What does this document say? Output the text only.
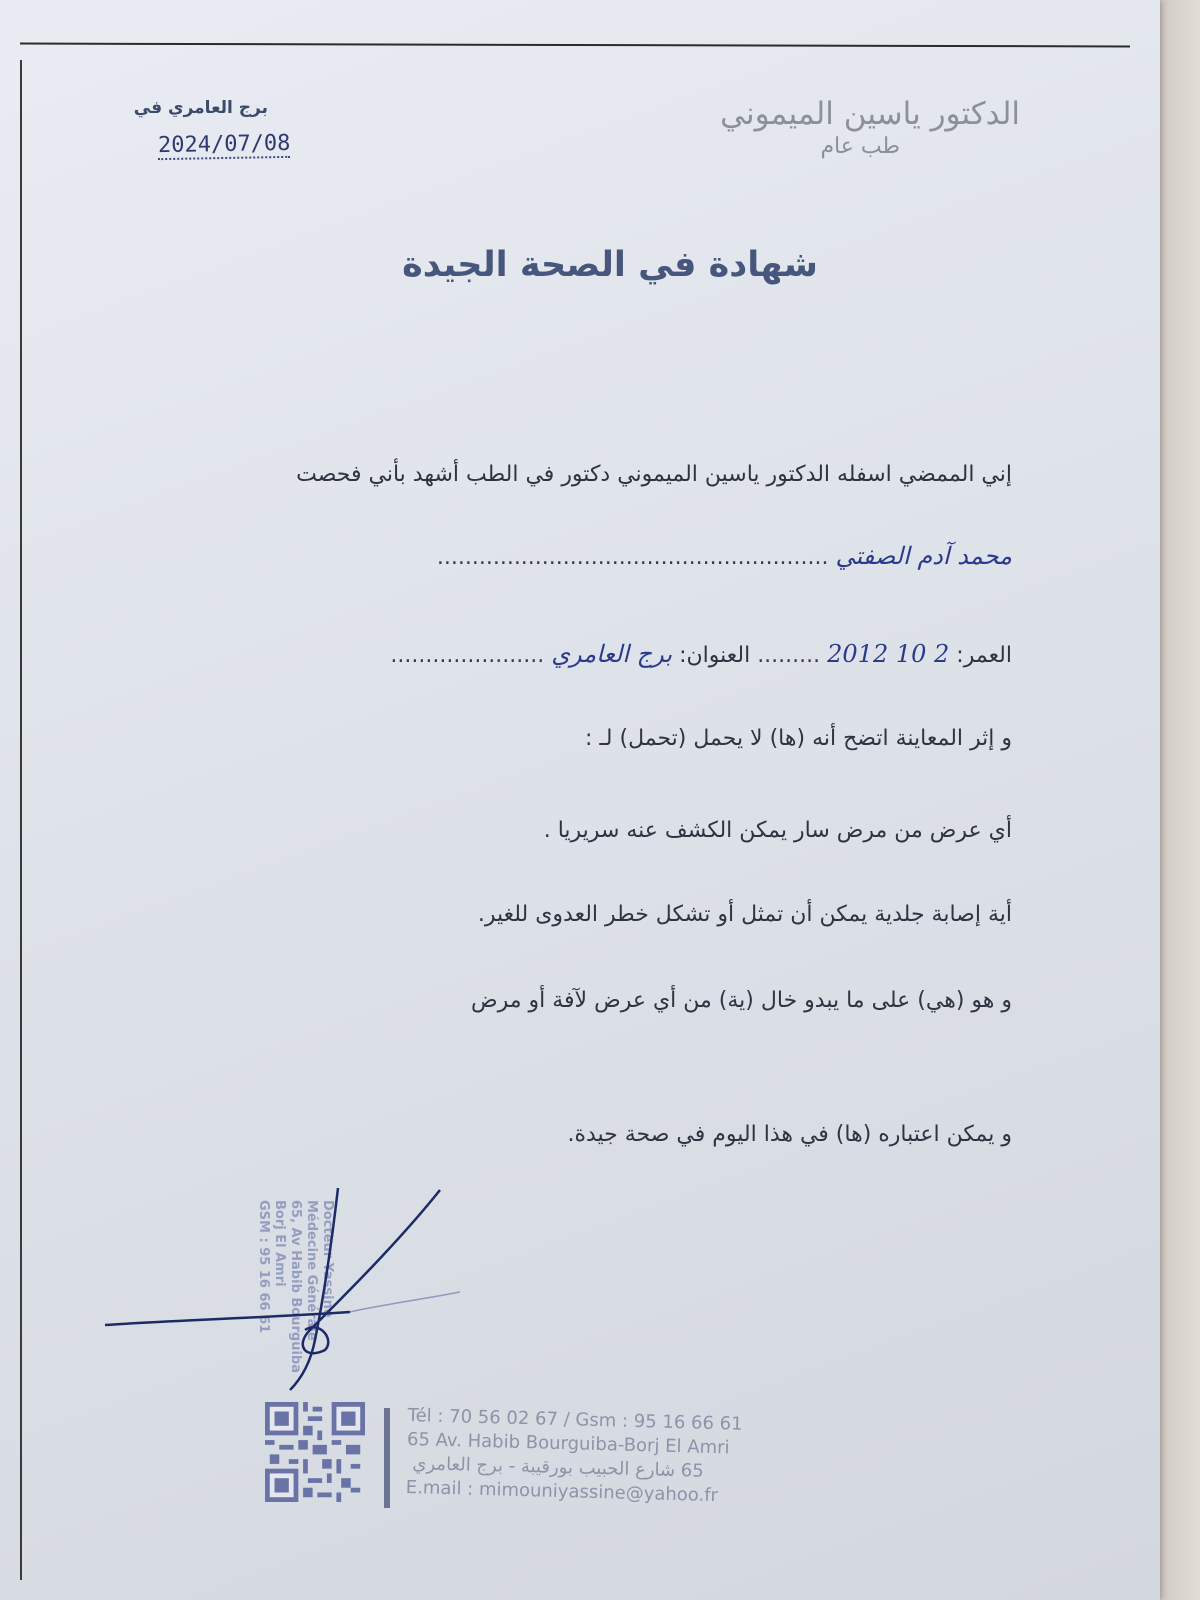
الدكتور ياسين الميموني
طب عام
برج العامري في
2024/07/08
شهادة في الصحة الجيدة
إني الممضي اسفله الدكتور ياسين الميموني دكتور في الطب أشهد بأني فحصت
محمد آدم الصفتي ........................................................
العمر: 2012 10 2 ......... العنوان: برج العامري ......................
و إثر المعاينة اتضح أنه (ها) لا يحمل (تحمل) لـ :
أي عرض من مرض سار يمكن الكشف عنه سريريا .
أية إصابة جلدية يمكن أن تمثل أو تشكل خطر العدوى للغير.
و هو (هي) على ما يبدو خال (ية) من أي عرض لآفة أو مرض
و يمكن اعتباره (ها) في هذا اليوم في صحة جيدة.
Docteur Yassine
Médecine Générale
65, Av Habib Bourguiba Borj El Amri
GSM : 95 16 66 61
Tél : 70 56 02 67 / Gsm : 95 16 66 61
65 Av. Habib Bourguiba-Borj El Amri
65 شارع الحبيب بورقيبة - برج العامري
E.mail : mimouniyassine@yahoo.fr
